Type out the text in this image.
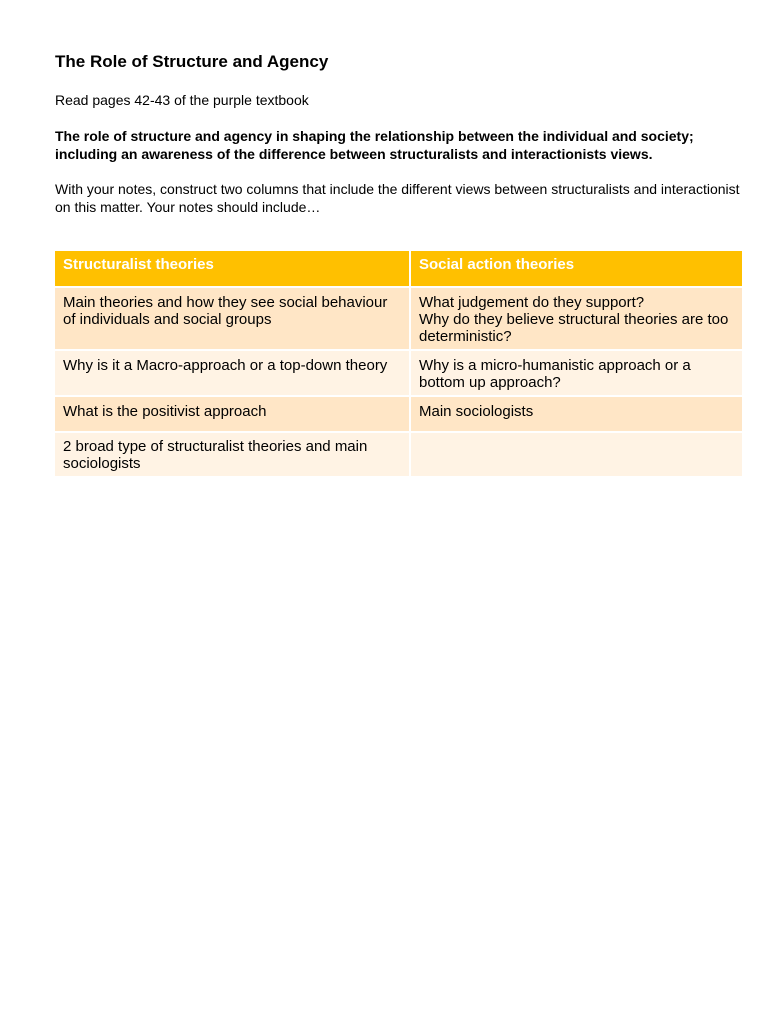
The Role of Structure and Agency

Read pages 42-43 of the purple textbook

The role of structure and agency in shaping the relationship between the individual and society; including an awareness of the difference between structuralists and interactionists views.

With your notes, construct two columns that include the different views between structuralists and interactionist on this matter. Your notes should include…

Structuralist theories	Social action theories
Main theories and how they see social behaviour of individuals and social groups	What judgement do they support?
Why do they believe structural theories are too deterministic?

Why is it a Macro-approach or a top-down theory	Why is a micro-humanistic approach or a bottom up approach?

What is the positivist approach	Main sociologists

2 broad type of structuralist theories and main sociologists	
